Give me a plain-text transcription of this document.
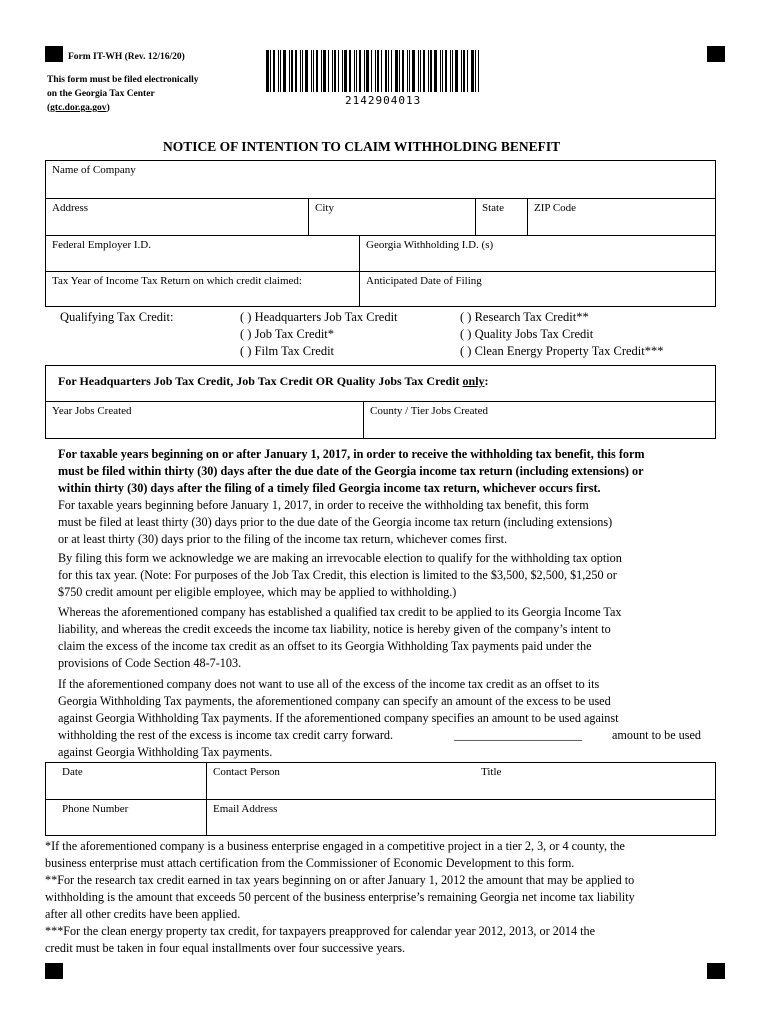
Form IT-WH (Rev. 12/16/20)
This form must be filed electronically
on the Georgia Tax Center
(gtc.dor.ga.gov)
2142904013
NOTICE OF INTENTION TO CLAIM WITHHOLDING BENEFIT
Name of Company
Address	City	State	ZIP Code
Federal Employer I.D.	Georgia Withholding I.D. (s)
Tax Year of Income Tax Return on which credit claimed:	Anticipated Date of Filing
Qualifying Tax Credit:	( ) Headquarters Job Tax Credit
( ) Job Tax Credit*
( ) Film Tax Credit
( ) Research Tax Credit**
( ) Quality Jobs Tax Credit
( ) Clean Energy Property Tax Credit***
For Headquarters Job Tax Credit, Job Tax Credit OR Quality Jobs Tax Credit only:
Year Jobs Created	County / Tier Jobs Created
For taxable years beginning on or after January 1, 2017, in order to receive the withholding tax benefit, this form
must be filed within thirty (30) days after the due date of the Georgia income tax return (including extensions) or
within thirty (30) days after the filing of a timely filed Georgia income tax return, whichever occurs first.
For taxable years beginning before January 1, 2017, in order to receive the withholding tax benefit, this form
must be filed at least thirty (30) days prior to the due date of the Georgia income tax return (including extensions)
or at least thirty (30) days prior to the filing of the income tax return, whichever comes first.
By filing this form we acknowledge we are making an irrevocable election to qualify for the withholding tax option
for this tax year. (Note: For purposes of the Job Tax Credit, this election is limited to the $3,500, $2,500, $1,250 or
$750 credit amount per eligible employee, which may be applied to withholding.)
Whereas the aforementioned company has established a qualified tax credit to be applied to its Georgia Income Tax
liability, and whereas the credit exceeds the income tax liability, notice is hereby given of the company’s intent to
claim the excess of the income tax credit as an offset to its Georgia Withholding Tax payments paid under the
provisions of Code Section 48-7-103.
If the aforementioned company does not want to use all of the excess of the income tax credit as an offset to its
Georgia Withholding Tax payments, the aforementioned company can specify an amount of the excess to be used
against Georgia Withholding Tax payments. If the aforementioned company specifies an amount to be used against
withholding the rest of the excess is income tax credit carry forward.	_____________________ amount to be used
against Georgia Withholding Tax payments.
Date	Contact Person	Title
Phone Number	Email Address
*If the aforementioned company is a business enterprise engaged in a competitive project in a tier 2, 3, or 4 county, the
business enterprise must attach certification from the Commissioner of Economic Development to this form.
**For the research tax credit earned in tax years beginning on or after January 1, 2012 the amount that may be applied to
withholding is the amount that exceeds 50 percent of the business enterprise’s remaining Georgia net income tax liability
after all other credits have been applied.
***For the clean energy property tax credit, for taxpayers preapproved for calendar year 2012, 2013, or 2014 the
credit must be taken in four equal installments over four successive years.
